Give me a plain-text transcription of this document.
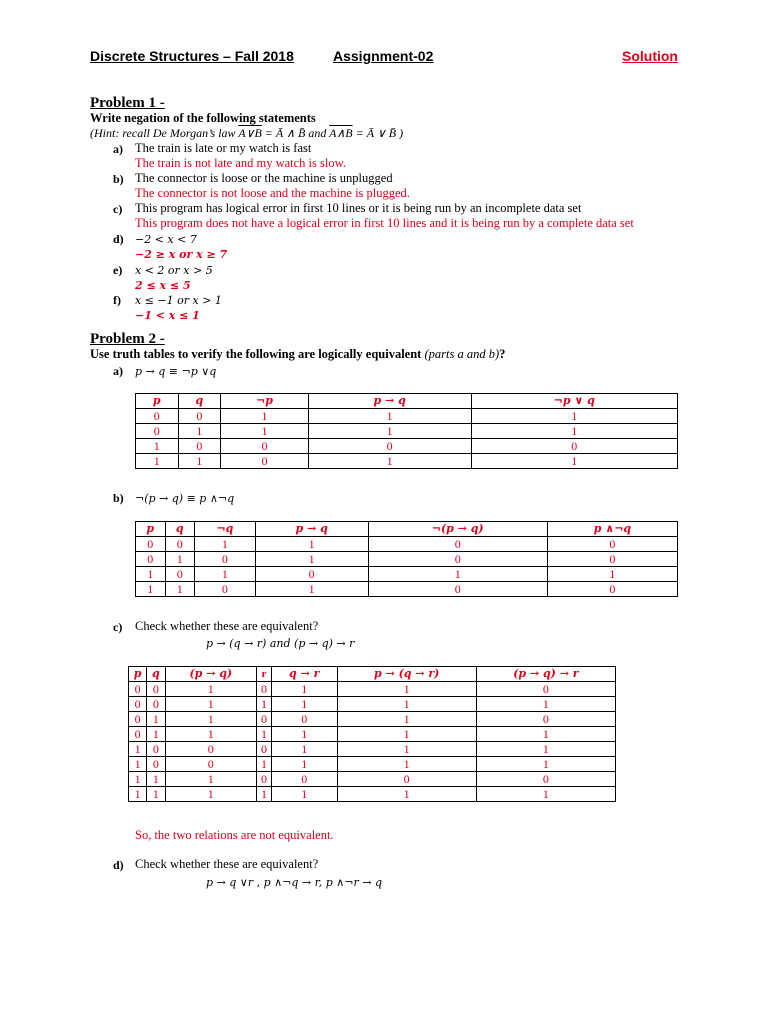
Discrete Structures – Fall 2018	Assignment-02	Solution
Problem 1 -
Write negation of the following statements
(Hint: recall De Morgan’s law A∨B = Ā ∧ B̄ and A∧B = Ā ∨ B̄ )
a) The train is late or my watch is fast
The train is not late and my watch is slow.
b) The connector is loose or the machine is unplugged
The connector is not loose and the machine is plugged.
c) This program has logical error in first 10 lines or it is being run by an incomplete data set
This program does not have a logical error in first 10 lines and it is being run by a complete data set
d) −2 < x < 7
−2 ≥ x or x ≥ 7
e) x < 2 or x > 5
2 ≤ x ≤ 5
f) x ≤ −1 or x > 1
−1 < x ≤ 1
Problem 2 -
Use truth tables to verify the following are logically equivalent (parts a and b)?
a) p → q ≡ ¬p ∨q
p	q	¬p	p → q	¬p ∨ q
0	0	1	1	1
0	1	1	1	1
1	0	0	0	0
1	1	0	1	1
b) ¬(p → q) ≡ p ∧¬q
p	q	¬q	p → q	¬(p → q)	p ∧¬q
0	0	1	1	0	0
0	1	0	1	0	0
1	0	1	0	1	1
1	1	0	1	0	0
c) Check whether these are equivalent?
p → (q → r) and (p → q) → r
p	q	(p → q)	r	q → r	p → (q → r)	(p → q) → r
0	0	1	0	1	1	0
0	0	1	1	1	1	1
0	1	1	0	0	1	0
0	1	1	1	1	1	1
1	0	0	0	1	1	1
1	0	0	1	1	1	1
1	1	1	0	0	0	0
1	1	1	1	1	1	1
So, the two relations are not equivalent.
d) Check whether these are equivalent?
p → q ∨r , p ∧¬q → r, p ∧¬r → q
